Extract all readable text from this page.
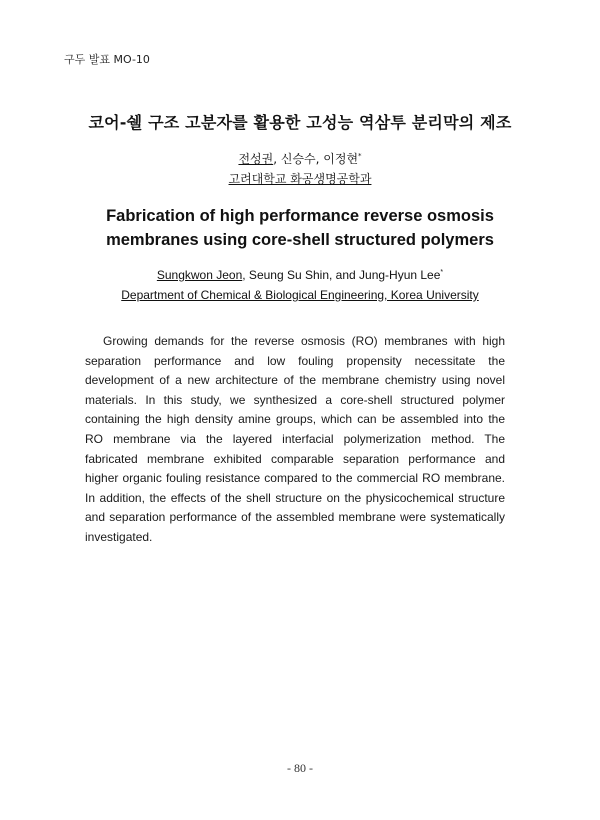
구두 발표 MO-10
코어-쉘 구조 고분자를 활용한 고성능 역삼투 분리막의 제조
전성권, 신승수, 이정현*
고려대학교 화공생명공학과
Fabrication of high performance reverse osmosis
membranes using core-shell structured polymers
Sungkwon Jeon, Seung Su Shin, and Jung-Hyun Lee*
Department of Chemical & Biological Engineering, Korea University

Growing demands for the reverse osmosis (RO) membranes with high separation performance and low fouling propensity necessitate the development of a new architecture of the membrane chemistry using novel materials. In this study, we synthesized a core-shell structured polymer containing the high density amine groups, which can be assembled into the RO membrane via the layered interfacial polymerization method. The fabricated membrane exhibited comparable separation performance and higher organic fouling resistance compared to the commercial RO membrane. In addition, the effects of the shell structure on the physicochemical structure and separation performance of the assembled membrane were systematically investigated.

- 80 -
